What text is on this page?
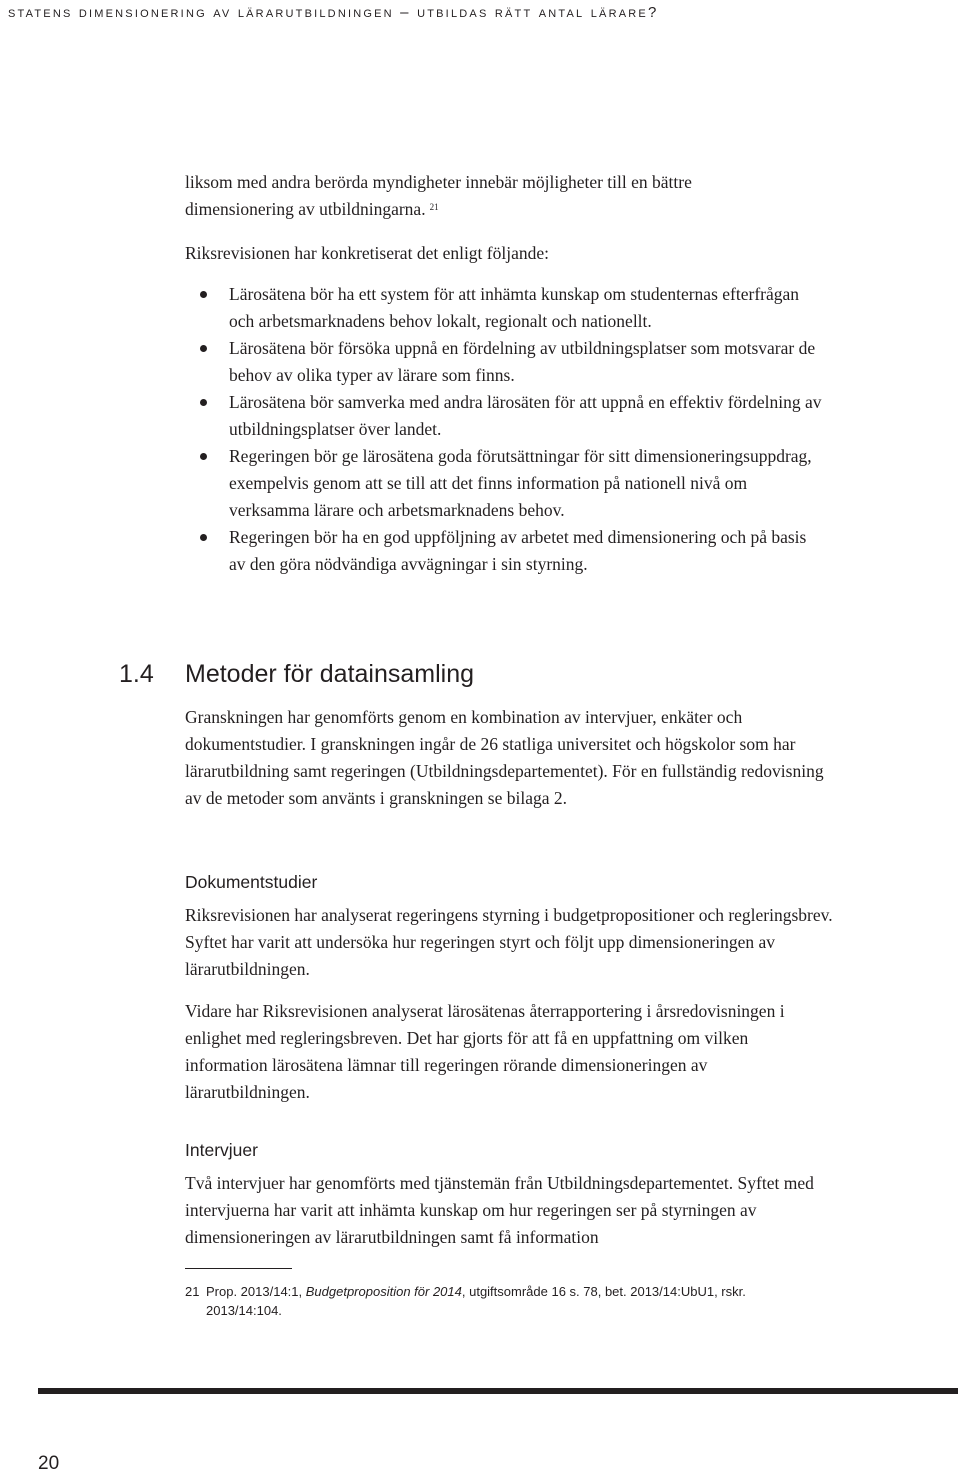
statens dimensionering av lärarutbildningen – utbildas rätt antal lärare?

liksom med andra berörda myndigheter innebär möjligheter till en bättre
dimensionering av utbildningarna. $^{21}$

Riksrevisionen har konkretiserat det enligt följande:

Lärosätena bör ha ett system för att inhämta kunskap om studenternas efterfrågan och arbetsmarknadens behov lokalt, regionalt och nationellt.
Lärosätena bör försöka uppnå en fördelning av utbildningsplatser som motsvarar de behov av olika typer av lärare som finns.
Lärosätena bör samverka med andra lärosäten för att uppnå en effektiv fördelning av utbildningsplatser över landet.
Regeringen bör ge lärosätena goda förutsättningar för sitt dimensioneringsuppdrag, exempelvis genom att se till att det finns information på nationell nivå om verksamma lärare och arbetsmarknadens behov.
Regeringen bör ha en god uppföljning av arbetet med dimensionering och på basis av den göra nödvändiga avvägningar i sin styrning.
1.4 Metoder för datainsamling

Granskningen har genomförts genom en kombination av intervjuer, enkäter och dokumentstudier. I granskningen ingår de 26 statliga universitet och högskolor som har lärarutbildning samt regeringen (Utbildningsdepartementet). För en fullständig redovisning av de metoder som använts i granskningen se bilaga 2.

Dokumentstudier

Riksrevisionen har analyserat regeringens styrning i budgetpropositioner och regleringsbrev. Syftet har varit att undersöka hur regeringen styrt och följt upp dimensioneringen av lärarutbildningen.

Vidare har Riksrevisionen analyserat lärosätenas återrapportering i årsredovisningen i enlighet med regleringsbreven. Det har gjorts för att få en uppfattning om vilken information lärosätena lämnar till regeringen rörande dimensioneringen av lärarutbildningen.

Intervjuer

Två intervjuer har genomförts med tjänstemän från Utbildningsdepartementet. Syftet med intervjuerna har varit att inhämta kunskap om hur regeringen ser på styrningen av dimensioneringen av lärarutbildningen samt få information

21 Prop. 2013/14:1, Budgetproposition för 2014, utgiftsområde 16 s. 78, bet. 2013/14:UbU1, rskr. 2013/14:104.
20
